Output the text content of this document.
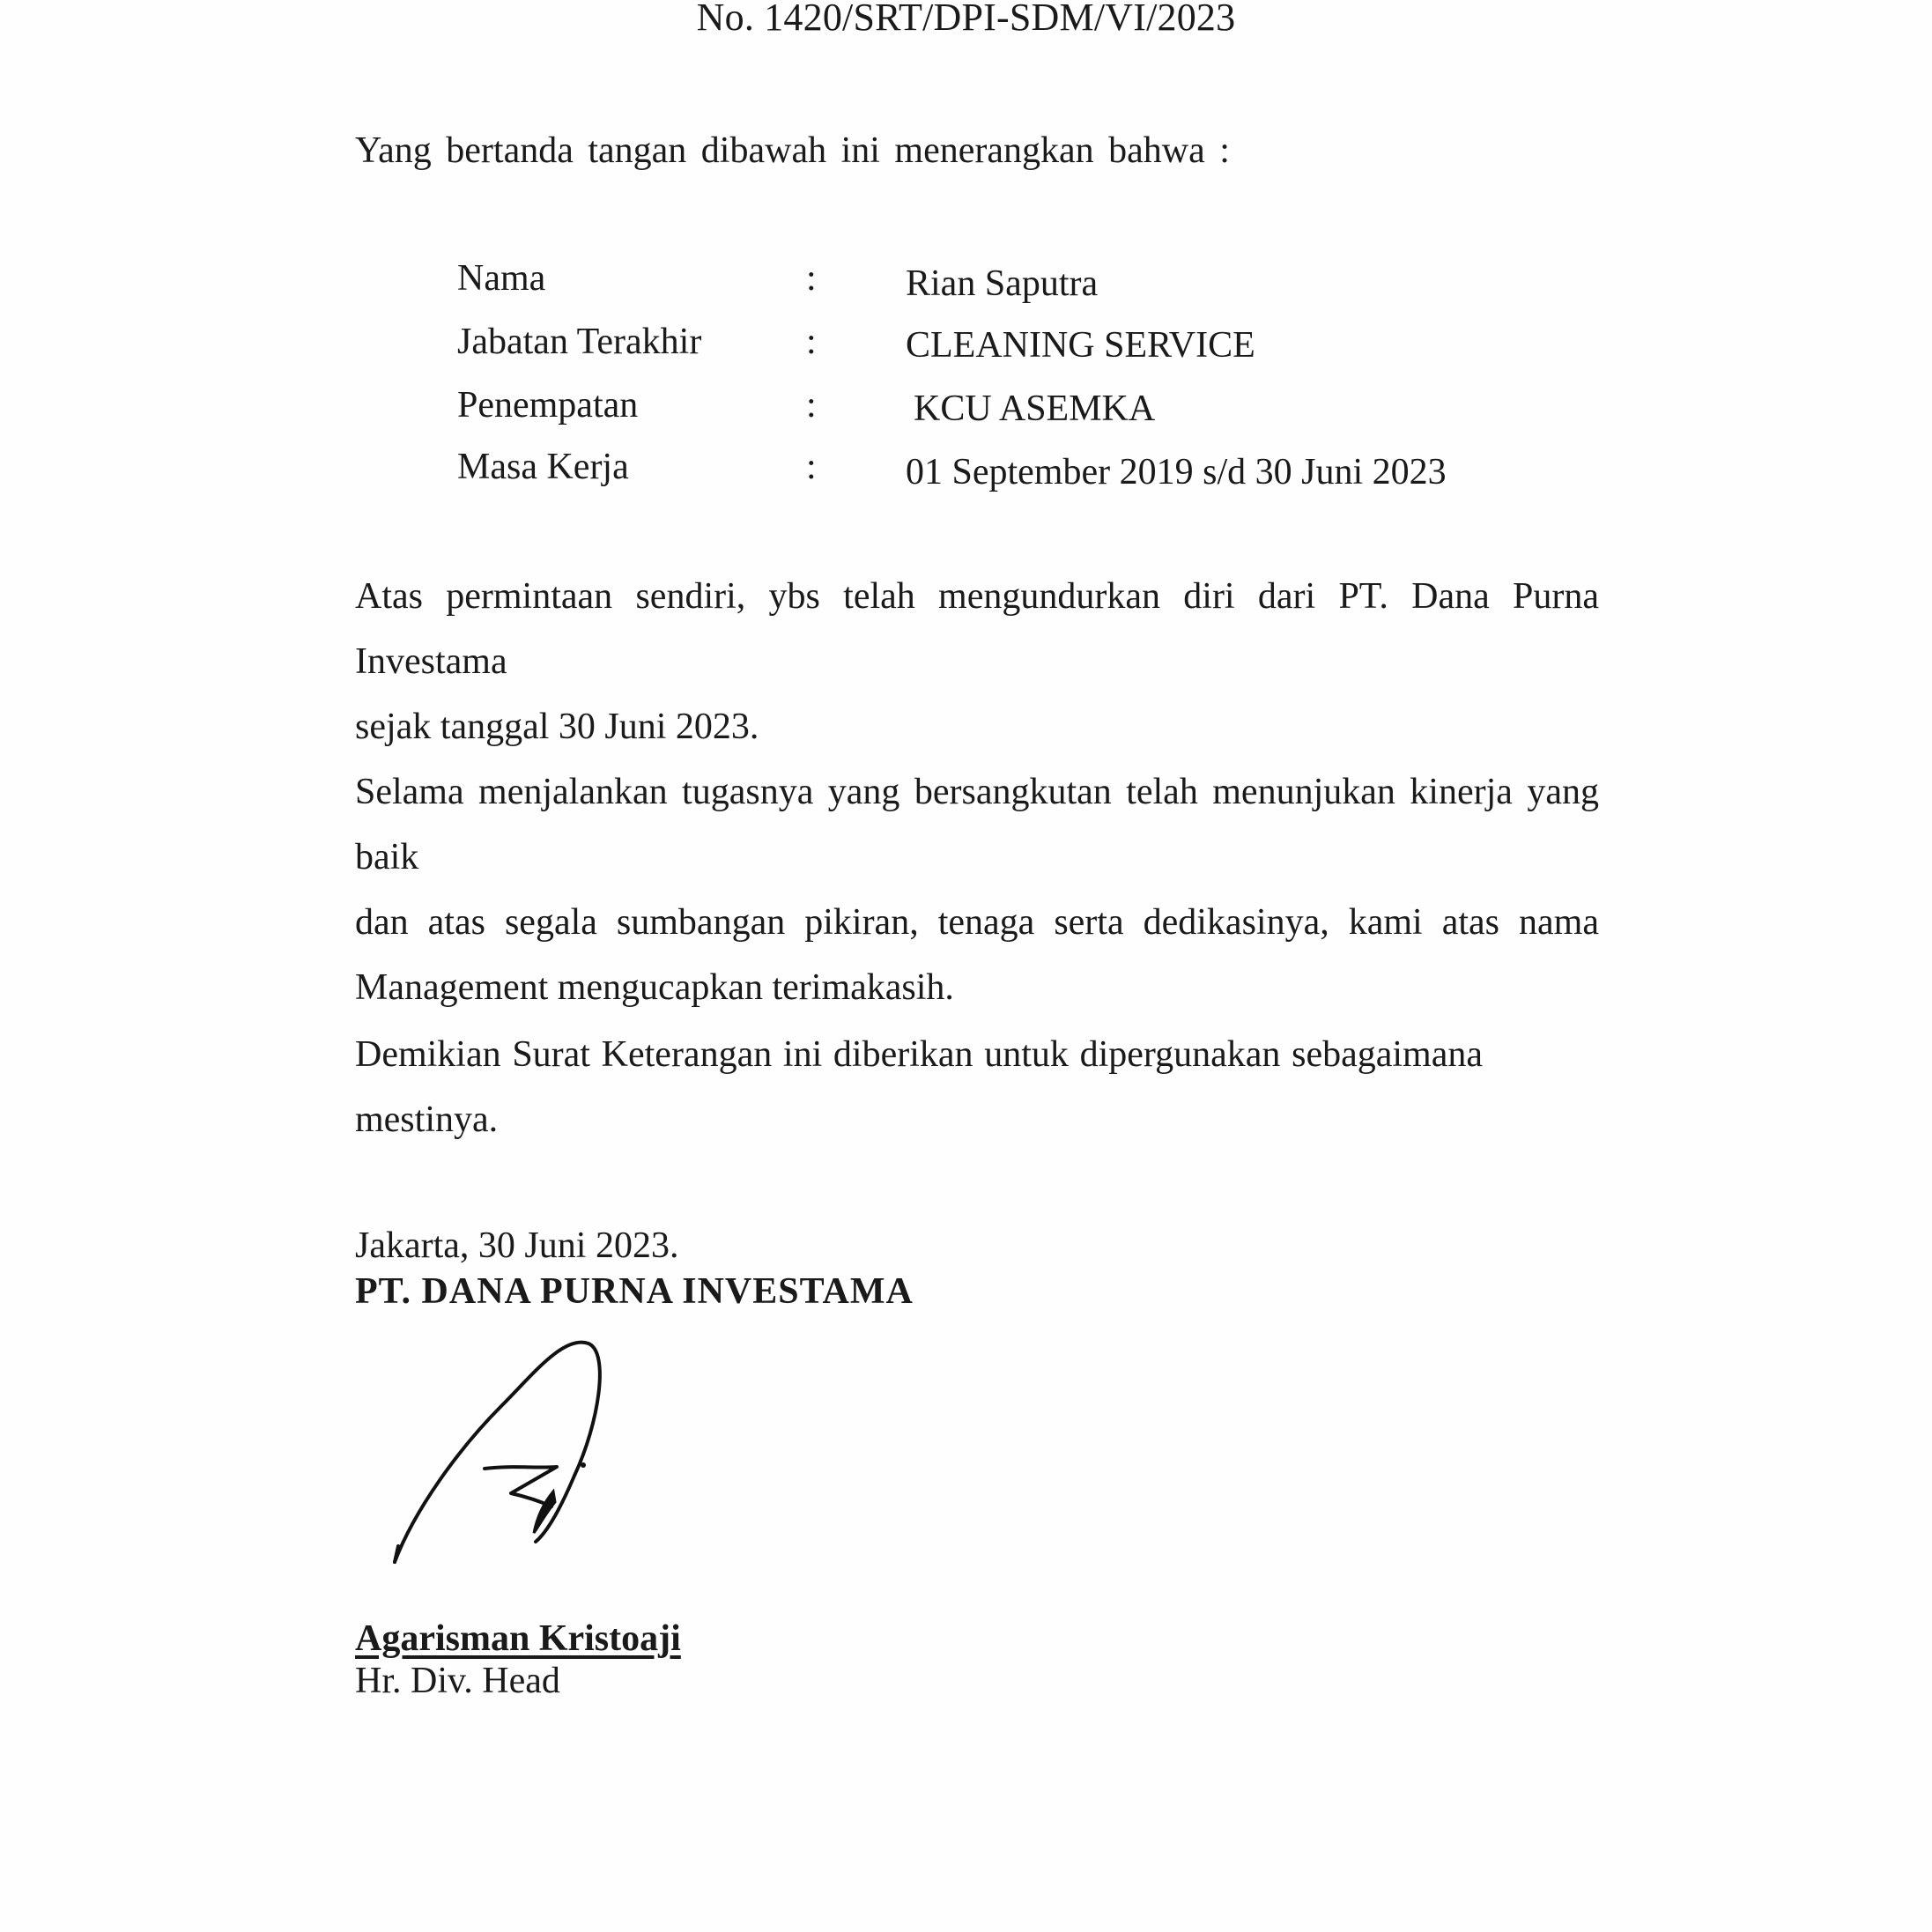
No. 1420/SRT/DPI-SDM/VI/2023
Yang bertanda tangan dibawah ini menerangkan bahwa :
Nama	: Rian Saputra
Jabatan Terakhir	: CLEANING SERVICE
Penempatan	:	KCU ASEMKA
Masa Kerja	: 01 September 2019 s/d 30 Juni 2023
Atas permintaan sendiri, ybs telah mengundurkan diri dari PT. Dana Purna Investama
sejak tanggal 30 Juni 2023.
Selama menjalankan tugasnya yang bersangkutan telah menunjukan kinerja yang baik
dan atas segala sumbangan pikiran, tenaga serta dedikasinya, kami atas nama
Management mengucapkan terimakasih.
Demikian Surat Keterangan ini diberikan untuk dipergunakan sebagaimana
mestinya.
Jakarta, 30 Juni 2023.
PT. DANA PURNA INVESTAMA
Agarisman Kristoaji
Hr. Div. Head
